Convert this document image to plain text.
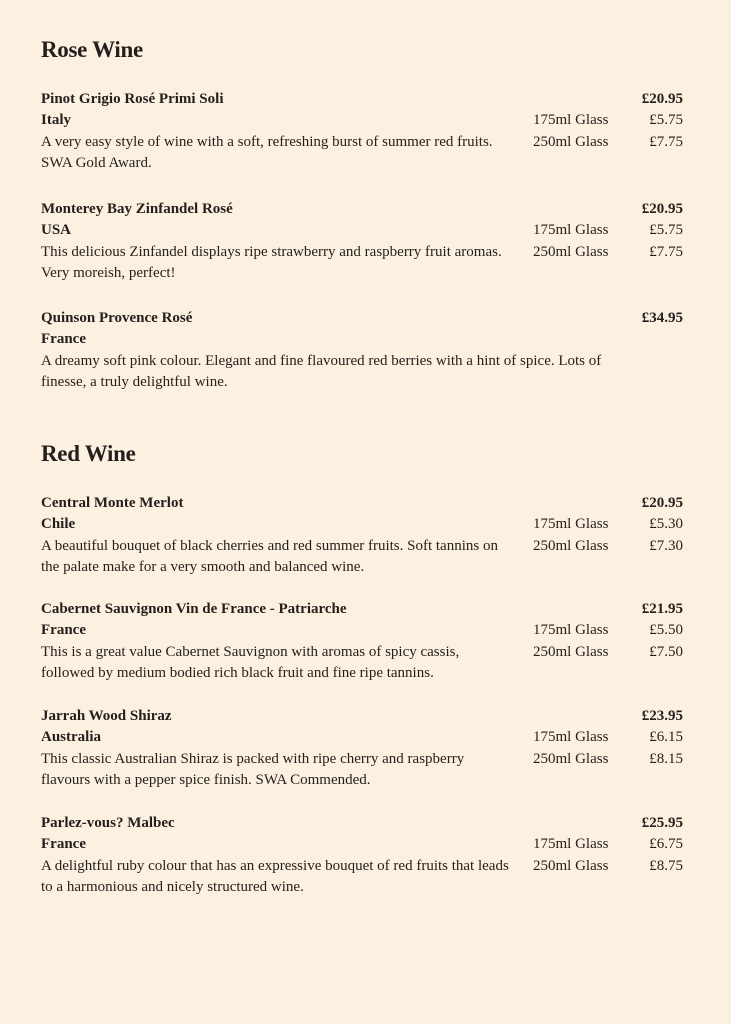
Rose Wine
Pinot Grigio Rosé Primi Soli	£20.95
Italy	175ml Glass	£5.75
A very easy style of wine with a soft, refreshing burst of summer red fruits. SWA Gold Award.
250ml Glass	£7.75
Monterey Bay Zinfandel Rosé	£20.95
USA	175ml Glass	£5.75
This delicious Zinfandel displays ripe strawberry and raspberry fruit aromas. Very moreish, perfect!
250ml Glass	£7.75
Quinson Provence Rosé	£34.95
France
A dreamy soft pink colour. Elegant and fine flavoured red berries with a hint of spice. Lots of finesse, a truly delightful wine.
Red Wine
Central Monte Merlot	£20.95
Chile	175ml Glass	£5.30
A beautiful bouquet of black cherries and red summer fruits. Soft tannins on the palate make for a very smooth and balanced wine.
250ml Glass	£7.30
Cabernet Sauvignon Vin de France - Patriarche	£21.95
France	175ml Glass	£5.50
This is a great value Cabernet Sauvignon with aromas of spicy cassis, followed by medium bodied rich black fruit and fine ripe tannins.
250ml Glass	£7.50
Jarrah Wood Shiraz	£23.95
Australia	175ml Glass	£6.15
This classic Australian Shiraz is packed with ripe cherry and raspberry flavours with a pepper spice finish. SWA Commended.
250ml Glass	£8.15
Parlez-vous? Malbec	£25.95
France	175ml Glass	£6.75
A delightful ruby colour that has an expressive bouquet of red fruits that leads to a harmonious and nicely structured wine.
250ml Glass	£8.75
